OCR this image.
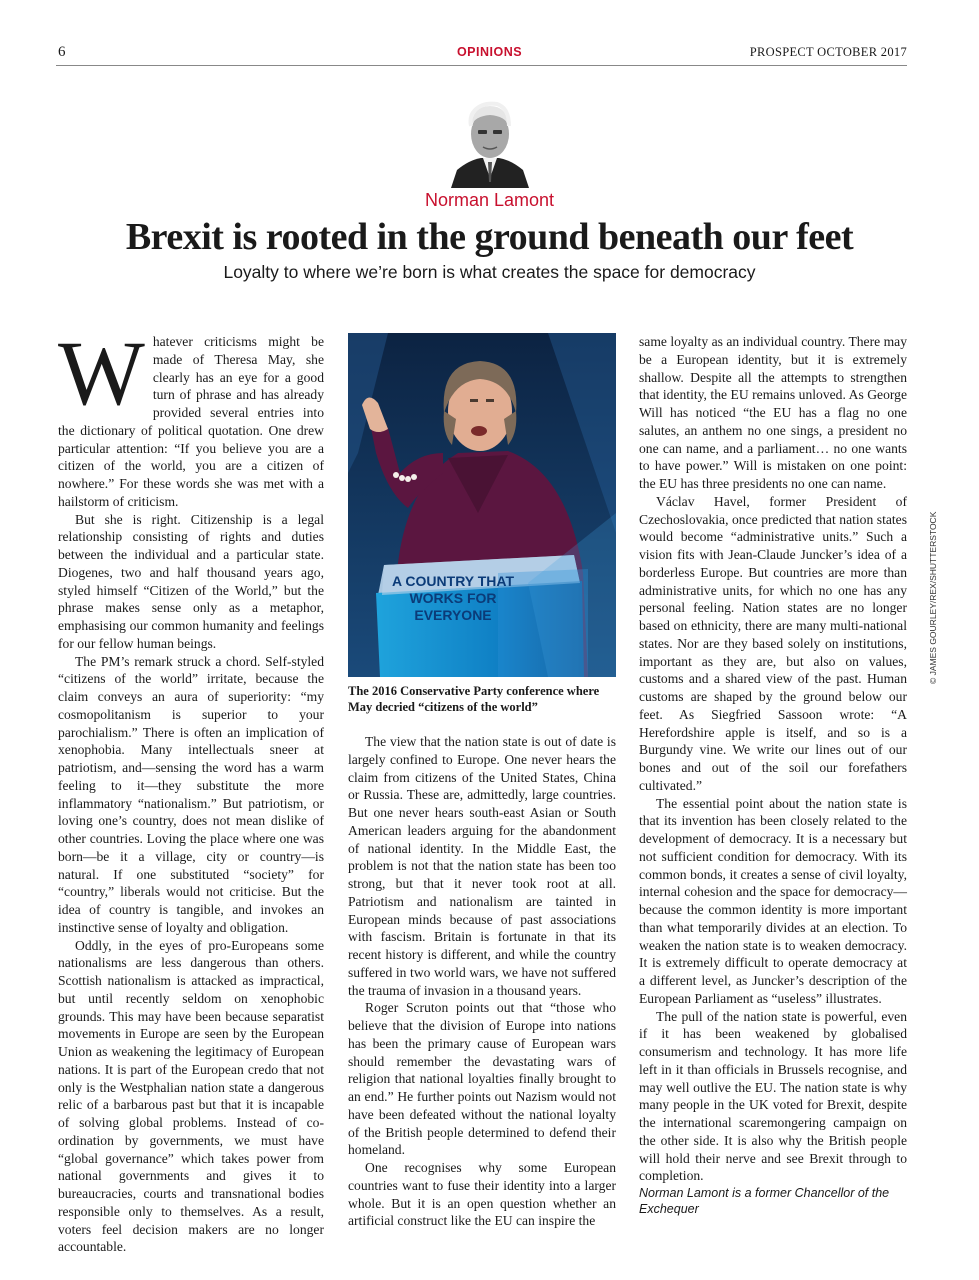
6	OPINIONS	PROSPECT OCTOBER 2017
Norman Lamont
Brexit is rooted in the ground beneath our feet

Loyalty to where we’re born is what creates the space for democracy

Whatever criticisms might be made of Theresa May, she clearly has an eye for a good turn of phrase and has already provided several entries into the dictionary of political quotation. One drew particular attention: “If you believe you are a citizen of the world, you are a citizen of nowhere.” For these words she was met with a hailstorm of criticism.

But she is right. Citizenship is a legal relationship consisting of rights and duties between the individual and a particular state. Diogenes, two and half thousand years ago, styled himself “Citizen of the World,” but the phrase makes sense only as a metaphor, emphasising our common humanity and feelings for our fellow human beings.

The PM’s remark struck a chord. Self-styled “citizens of the world” irritate, because the claim conveys an aura of superiority: “my cosmopolitanism is superior to your parochialism.” There is often an implication of xenophobia. Many intellectuals sneer at patriotism, and—sensing the word has a warm feeling to it—they substitute the more inflammatory “nationalism.” But patriotism, or loving one’s country, does not mean dislike of other countries. Loving the place where one was born—be it a village, city or country—is natural. If one substituted “society” for “country,” liberals would not criticise. But the idea of country is tangible, and invokes an instinctive sense of loyalty and obligation.

Oddly, in the eyes of pro-Europeans some nationalisms are less dangerous than others. Scottish nationalism is attacked as impractical, but until recently seldom on xenophobic grounds. This may have been because separatist movements in Europe are seen by the European Union as weakening the legitimacy of European nations. It is part of the European credo that not only is the Westphalian nation state a dangerous relic of a barbarous past but that it is incapable of solving global problems. Instead of co-ordination by governments, we must have “global governance” which takes power from national governments and gives it to bureaucracies, courts and transnational bodies responsible only to themselves. As a result, voters feel decision makers are no longer accountable.

A COUNTRY THAT WORKS FOR EVERYONE

The 2016 Conservative Party conference where May decried “citizens of the world”

© JAMES GOURLEY/REX/SHUTTERSTOCK

The view that the nation state is out of date is largely confined to Europe. One never hears the claim from citizens of the United States, China or Russia. These are, admittedly, large countries. But one never hears south-east Asian or South American leaders arguing for the abandonment of national identity. In the Middle East, the problem is not that the nation state has been too strong, but that it never took root at all. Patriotism and nationalism are tainted in European minds because of past associations with fascism. Britain is fortunate in that its recent history is different, and while the country suffered in two world wars, we have not suffered the trauma of invasion in a thousand years.

Roger Scruton points out that “those who believe that the division of Europe into nations has been the primary cause of European wars should remember the devastating wars of religion that national loyalties finally brought to an end.” He further points out Nazism would not have been defeated without the national loyalty of the British people determined to defend their homeland.

One recognises why some European countries want to fuse their identity into a larger whole. But it is an open question whether an artificial construct like the EU can inspire the

same loyalty as an individual country. There may be a European identity, but it is extremely shallow. Despite all the attempts to strengthen that identity, the EU remains unloved. As George Will has noticed “the EU has a flag no one salutes, an anthem no one sings, a president no one can name, and a parliament… no one wants to have power.” Will is mistaken on one point: the EU has three presidents no one can name.

Václav Havel, former President of Czechoslovakia, once predicted that nation states would become “administrative units.” Such a vision fits with Jean-Claude Juncker’s idea of a borderless Europe. But countries are more than administrative units, for which no one has any personal feeling. Nation states are no longer based on ethnicity, there are many multi-national states. Nor are they based solely on institutions, important as they are, but also on values, customs and a shared view of the past. Human customs are shaped by the ground below our feet. As Siegfried Sassoon wrote: “A Herefordshire apple is itself, and so is a Burgundy vine. We write our lines out of our bones and out of the soil our forefathers cultivated.”

The essential point about the nation state is that its invention has been closely related to the development of democracy. It is a necessary but not sufficient condition for democracy. With its common bonds, it creates a sense of civil loyalty, internal cohesion and the space for democracy—because the common identity is more important than what temporarily divides at an election. To weaken the nation state is to weaken democracy. It is extremely difficult to operate democracy at a different level, as Juncker’s description of the European Parliament as “useless” illustrates.

The pull of the nation state is powerful, even if it has been weakened by globalised consumerism and technology. It has more life left in it than officials in Brussels recognise, and may well outlive the EU. The nation state is why many people in the UK voted for Brexit, despite the international scaremongering campaign on the other side. It is also why the British people will hold their nerve and see Brexit through to completion.

Norman Lamont is a former Chancellor of the Exchequer
